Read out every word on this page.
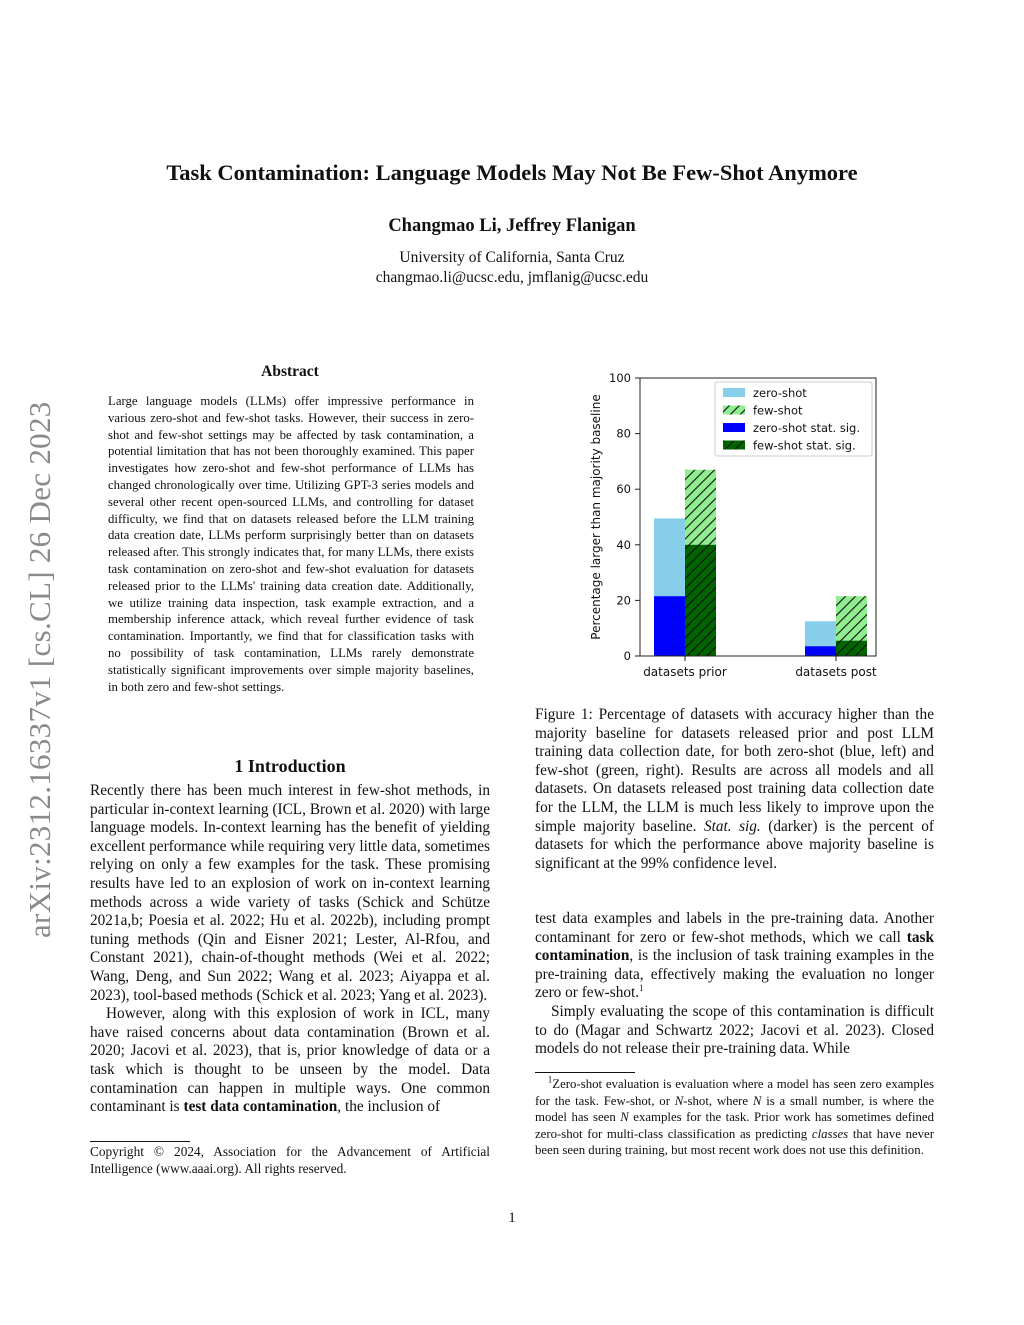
Task Contamination: Language Models May Not Be Few-Shot Anymore
Changmao Li, Jeffrey Flanigan
University of California, Santa Cruz
changmao.li@ucsc.edu, jmflanig@ucsc.edu
arXiv:2312.16337v1 [cs.CL] 26 Dec 2023
Abstract
Large language models (LLMs) offer impressive performance in various zero-shot and few-shot tasks. However, their success in zero-shot and few-shot settings may be affected by task contamination, a potential limitation that has not been thoroughly examined. This paper investigates how zero-shot and few-shot performance of LLMs has changed chronologically over time. Utilizing GPT-3 series models and several other recent open-sourced LLMs, and controlling for dataset difficulty, we find that on datasets released before the LLM training data creation date, LLMs perform surprisingly better than on datasets released after. This strongly indicates that, for many LLMs, there exists task contamination on zero-shot and few-shot evaluation for datasets released prior to the LLMs' training data creation date. Additionally, we utilize training data inspection, task example extraction, and a membership inference attack, which reveal further evidence of task contamination. Importantly, we find that for classification tasks with no possibility of task contamination, LLMs rarely demonstrate statistically significant improvements over simple majority baselines, in both zero and few-shot settings.
1 Introduction

Recently there has been much interest in few-shot methods, in particular in-context learning (ICL, Brown et al. 2020) with large language models. In-context learning has the benefit of yielding excellent performance while requiring very little data, sometimes relying on only a few examples for the task. These promising results have led to an explosion of work on in-context learning methods across a wide variety of tasks (Schick and Schütze 2021a,b; Poesia et al. 2022; Hu et al. 2022b), including prompt tuning methods (Qin and Eisner 2021; Lester, Al-Rfou, and Constant 2021), chain-of-thought methods (Wei et al. 2022; Wang, Deng, and Sun 2022; Wang et al. 2023; Aiyappa et al. 2023), tool-based methods (Schick et al. 2023; Yang et al. 2023).

However, along with this explosion of work in ICL, many have raised concerns about data contamination (Brown et al. 2020; Jacovi et al. 2023), that is, prior knowledge of data or a task which is thought to be unseen by the model. Data contamination can happen in multiple ways. One common contaminant is test data contamination, the inclusion of

Copyright © 2024, Association for the Advancement of Artificial Intelligence (www.aaai.org). All rights reserved.
0
20
40
60
80
100
datasets prior	datasets post
Percentage larger than majority baseline
zero-shot
few-shot
zero-shot stat. sig.
few-shot stat. sig.
Figure 1: Percentage of datasets with accuracy higher than the majority baseline for datasets released prior and post LLM training data collection date, for both zero-shot (blue, left) and few-shot (green, right). Results are across all models and all datasets. On datasets released post training data collection date for the LLM, the LLM is much less likely to improve upon the simple majority baseline. Stat. sig. (darker) is the percent of datasets for which the performance above majority baseline is significant at the 99% confidence level.

test data examples and labels in the pre-training data. Another contaminant for zero or few-shot methods, which we call task contamination, is the inclusion of task training examples in the pre-training data, effectively making the evaluation no longer zero or few-shot.$^1$

Simply evaluating the scope of this contamination is difficult to do (Magar and Schwartz 2022; Jacovi et al. 2023). Closed models do not release their pre-training data. While

 $^1$Zero-shot evaluation is evaluation where a model has seen zero examples for the task. Few-shot, or N-shot, where N is a small number, is where the model has seen N examples for the task. Prior work has sometimes defined zero-shot for multi-class classification as predicting classes that have never been seen during training, but most recent work does not use this definition.
1
